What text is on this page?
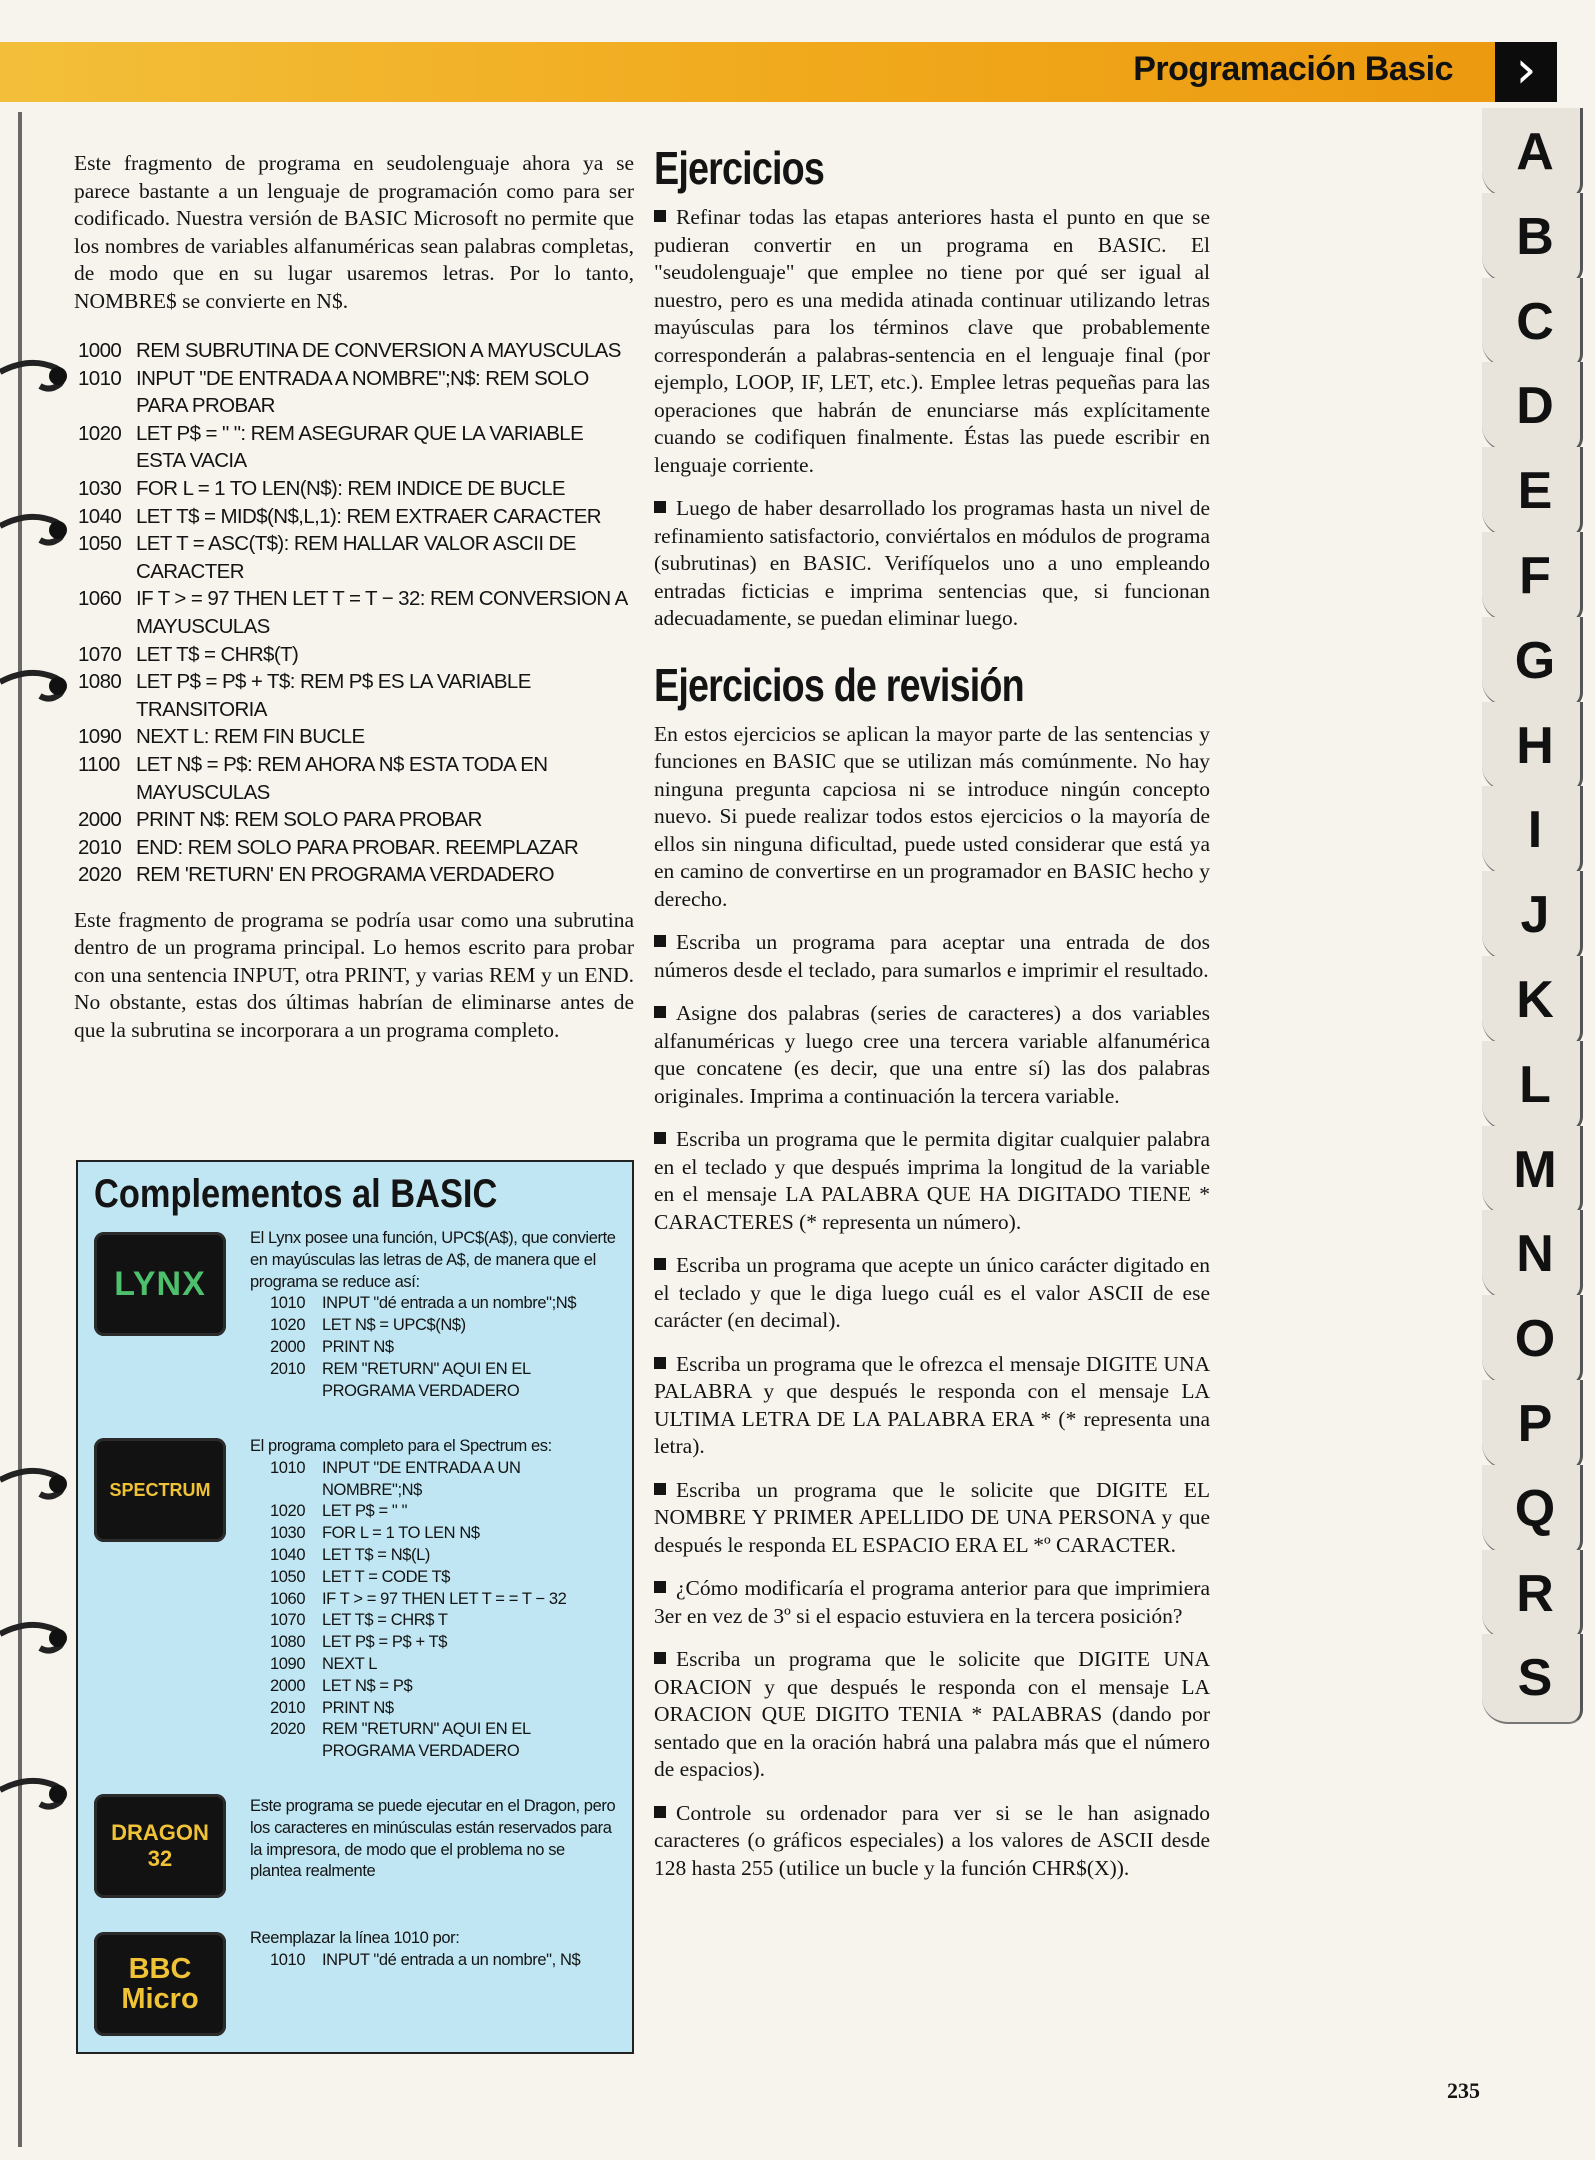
Programación Basic	›

Este fragmento de programa en seudolenguaje ahora ya se parece bastante a un lenguaje de programación como para ser codificado. Nuestra versión de BASIC Microsoft no permite que los nombres de variables alfanuméricas sean palabras completas, de modo que en su lugar usaremos letras. Por lo tanto, NOMBRE$ se convierte en N$.

1000 REM SUBRUTINA DE CONVERSION A MAYUSCULAS
1010 INPUT "DE ENTRADA A NOMBRE";N$: REM SOLO PARA PROBAR
1020 LET P$ = " ": REM ASEGURAR QUE LA VARIABLE ESTA VACIA
1030 FOR L = 1 TO LEN(N$): REM INDICE DE BUCLE
1040 LET T$ = MID$(N$,L,1): REM EXTRAER CARACTER
1050 LET T = ASC(T$): REM HALLAR VALOR ASCII DE CARACTER
1060 IF T > = 97 THEN LET T = T − 32: REM CONVERSION A MAYUSCULAS
1070 LET T$ = CHR$(T)
1080 LET P$ = P$ + T$: REM P$ ES LA VARIABLE TRANSITORIA
1090 NEXT L: REM FIN BUCLE
1100 LET N$ = P$: REM AHORA N$ ESTA TODA EN MAYUSCULAS
2000 PRINT N$: REM SOLO PARA PROBAR
2010 END: REM SOLO PARA PROBAR. REEMPLAZAR
2020 REM 'RETURN' EN PROGRAMA VERDADERO

Este fragmento de programa se podría usar como una subrutina dentro de un programa principal. Lo hemos escrito para probar con una sentencia INPUT, otra PRINT, y varias REM y un END. No obstante, estas dos últimas habrían de eliminarse antes de que la subrutina se incorporara a un programa completo.

Complementos al BASIC
LYNX
El Lynx posee una función, UPC$(A$), que convierte en mayúsculas las letras de A$, de manera que el programa se reduce así:
1010	INPUT "dé entrada a un nombre";N$
1020	LET N$ = UPC$(N$)
2000	PRINT N$
2010	REM "RETURN" AQUI EN EL PROGRAMA VERDADERO
SPECTRUM
El programa completo para el Spectrum es:
1010	INPUT "DE ENTRADA A UN NOMBRE";N$
1020	LET P$ = " "
1030	FOR L = 1 TO LEN N$
1040	LET T$ = N$(L)
1050	LET T = CODE T$
1060	IF T > = 97 THEN LET T = = T − 32
1070	LET T$ = CHR$ T
1080	LET P$ = P$ + T$
1090	NEXT L
2000	LET N$ = P$
2010	PRINT N$
2020	REM "RETURN" AQUI EN EL PROGRAMA VERDADERO
DRAGON
32
Este programa se puede ejecutar en el Dragon, pero los caracteres en minúsculas están reservados para la impresora, de modo que el problema no se plantea realmente
BBC
Micro
Reemplazar la línea 1010 por:
1010	INPUT "dé entrada a un nombre", N$
Ejercicios

Refinar todas las etapas anteriores hasta el punto en que se pudieran convertir en un programa en BASIC. El "seudolenguaje" que emplee no tiene por qué ser igual al nuestro, pero es una medida atinada continuar utilizando letras mayúsculas para los términos clave que probablemente corresponderán a palabras-sentencia en el lenguaje final (por ejemplo, LOOP, IF, LET, etc.). Emplee letras pequeñas para las operaciones que habrán de enunciarse más explícitamente cuando se codifiquen finalmente. Éstas las puede escribir en lenguaje corriente.

Luego de haber desarrollado los programas hasta un nivel de refinamiento satisfactorio, conviértalos en módulos de programa (subrutinas) en BASIC. Verifíquelos uno a uno empleando entradas ficticias e imprima sentencias que, si funcionan adecuadamente, se puedan eliminar luego.

Ejercicios de revisión

En estos ejercicios se aplican la mayor parte de las sentencias y funciones en BASIC que se utilizan más comúnmente. No hay ninguna pregunta capciosa ni se introduce ningún concepto nuevo. Si puede realizar todos estos ejercicios o la mayoría de ellos sin ninguna dificultad, puede usted considerar que está ya en camino de convertirse en un programador en BASIC hecho y derecho.

Escriba un programa para aceptar una entrada de dos números desde el teclado, para sumarlos e imprimir el resultado.

Asigne dos palabras (series de caracteres) a dos variables alfanuméricas y luego cree una tercera variable alfanumérica que concatene (es decir, que una entre sí) las dos palabras originales. Imprima a continuación la tercera variable.

Escriba un programa que le permita digitar cualquier palabra en el teclado y que después imprima la longitud de la variable en el mensaje LA PALABRA QUE HA DIGITADO TIENE * CARACTERES (* representa un número).

Escriba un programa que acepte un único carácter digitado en el teclado y que le diga luego cuál es el valor ASCII de ese carácter (en decimal).

Escriba un programa que le ofrezca el mensaje DIGITE UNA PALABRA y que después le responda con el mensaje LA ULTIMA LETRA DE LA PALABRA ERA * (* representa una letra).

Escriba un programa que le solicite que DIGITE EL NOMBRE Y PRIMER APELLIDO DE UNA PERSONA y que después le responda EL ESPACIO ERA EL *º CARACTER.

¿Cómo modificaría el programa anterior para que imprimiera 3er en vez de 3º si el espacio estuviera en la tercera posición?

Escriba un programa que le solicite que DIGITE UNA ORACION y que después le responda con el mensaje LA ORACION QUE DIGITO TENIA * PALABRAS (dando por sentado que en la oración habrá una palabra más que el número de espacios).

Controle su ordenador para ver si se le han asignado caracteres (o gráficos especiales) a los valores de ASCII desde 128 hasta 255 (utilice un bucle y la función CHR$(X)).

A
B
C
D
E
F
G
H
I
J
K
L
M
N
O
P
Q
R
S
235
